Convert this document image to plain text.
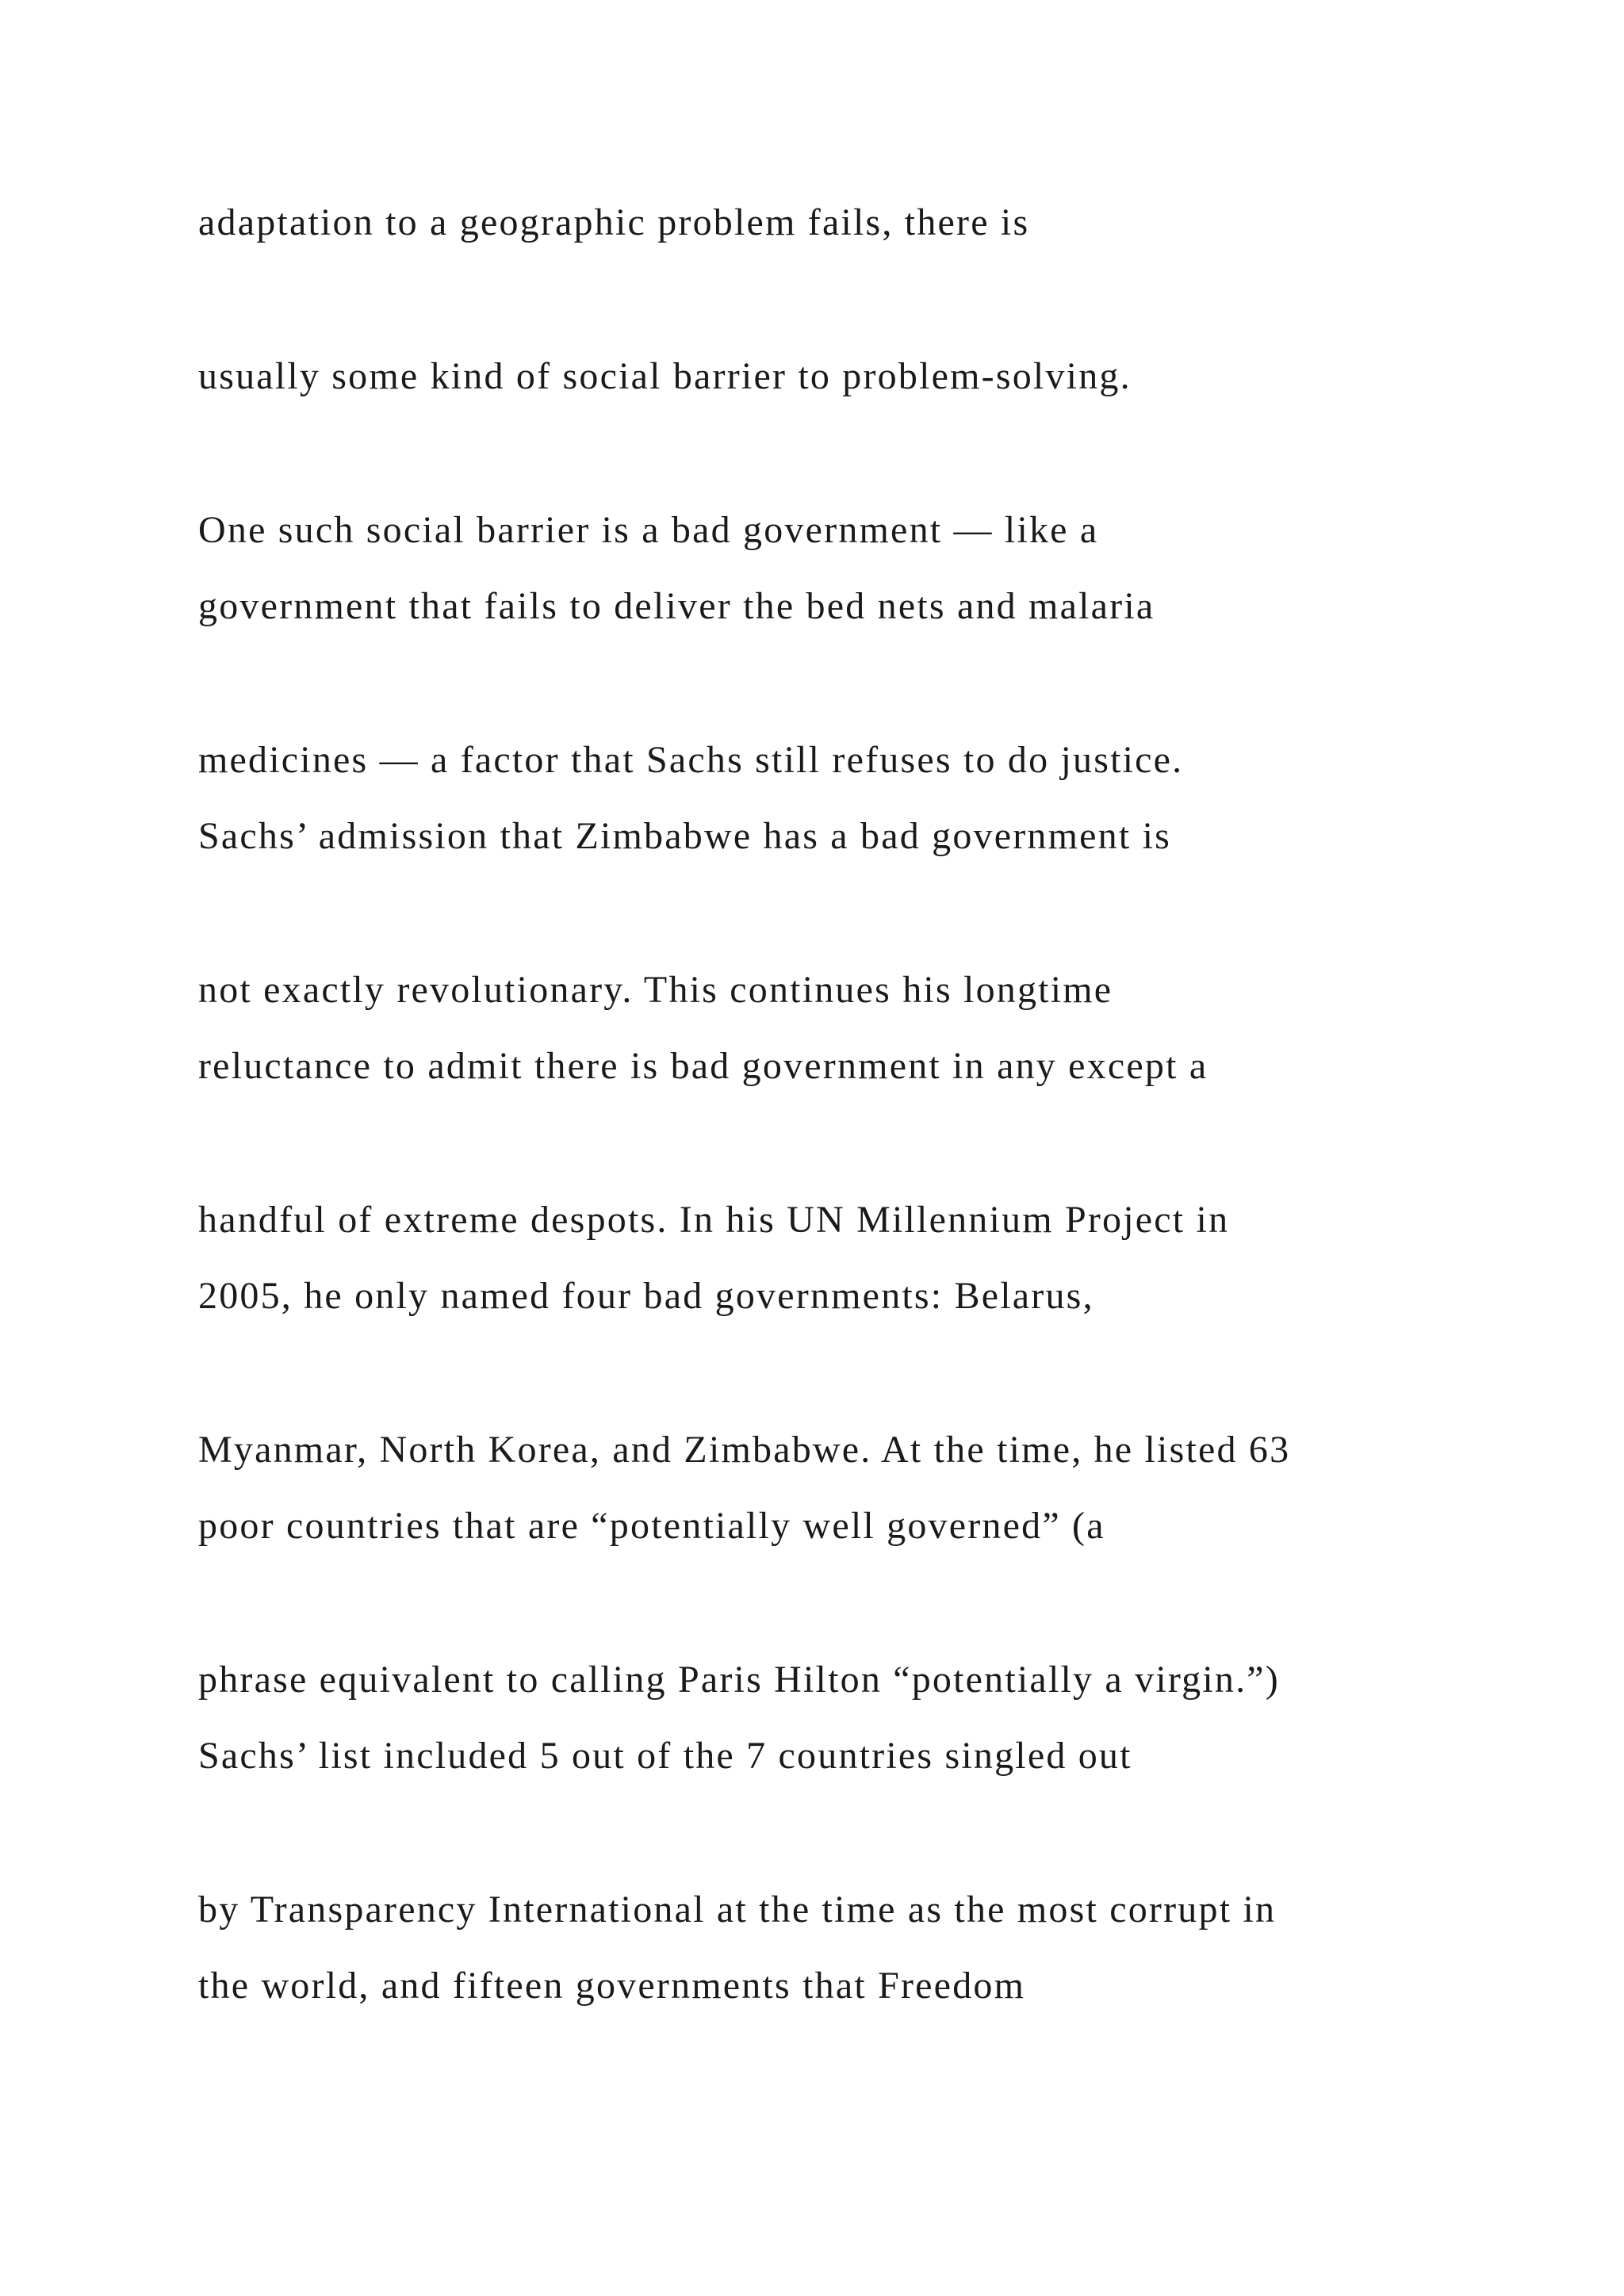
adaptation to a geographic problem fails, there is

usually some kind of social barrier to problem-solving.

One such social barrier is a bad government — like a

government that fails to deliver the bed nets and malaria

medicines — a factor that Sachs still refuses to do justice.

Sachs’ admission that Zimbabwe has a bad government is

not exactly revolutionary. This continues his longtime

reluctance to admit there is bad government in any except a

handful of extreme despots. In his UN Millennium Project in

2005, he only named four bad governments: Belarus,

Myanmar, North Korea, and Zimbabwe. At the time, he listed 63

poor countries that are “potentially well governed” (a

phrase equivalent to calling Paris Hilton “potentially a virgin.”)

Sachs’ list included 5 out of the 7 countries singled out

by Transparency International at the time as the most corrupt in

the world, and fifteen governments that Freedom
